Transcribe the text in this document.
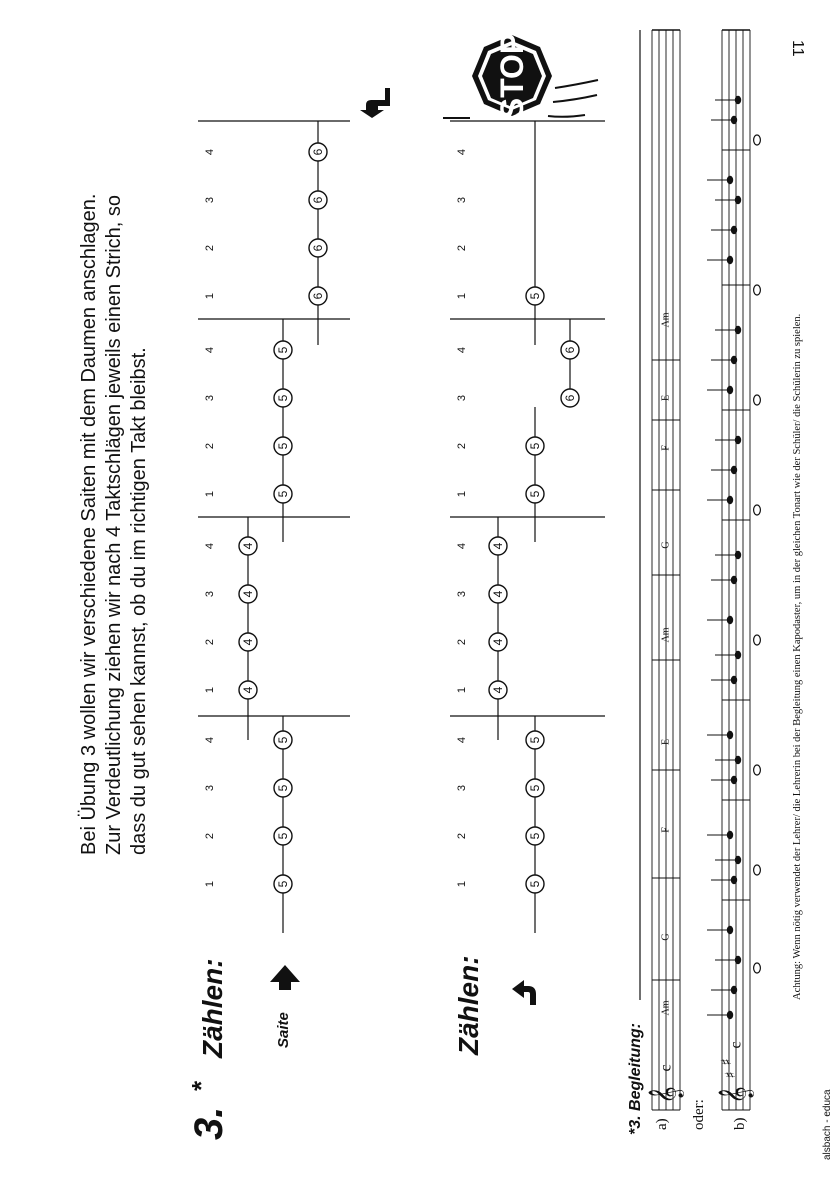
11
Bei Übung 3 wollen wir verschiedene Saiten mit dem Daumen anschlagen. Zur Verdeutlichung ziehen wir nach 4 Taktschlägen jeweils einen Strich, so dass du gut sehen kannst, ob du im richtigen Takt bleibst.
3.
*
Zählen:	Saite
1
2
3
4
1
2
3
4
1
2
3
4
1
2
3
4
5
5
5
5
4
4
4
4
5
5
5
5
6
6
6
6
Zählen:
1
2
3
4
1
2
3
4
1
2
3
4
1
2
3
4
5
5
5
5
4
4
4
4
5
5
6
6
5
STOP
*3. Begleitung: a) oder: b)
𝄞
c
Am
G
F
E
Am
G
F
E
Am
𝄞
♯
♯
c
Achtung: Wenn nötig verwendet der Lehrer/ die Lehrerin bei der Begleitung einen Kapodaster, um in der gleichen Tonart wie der Schüler/ die Schülerin zu spielen.
alsbach - educa
